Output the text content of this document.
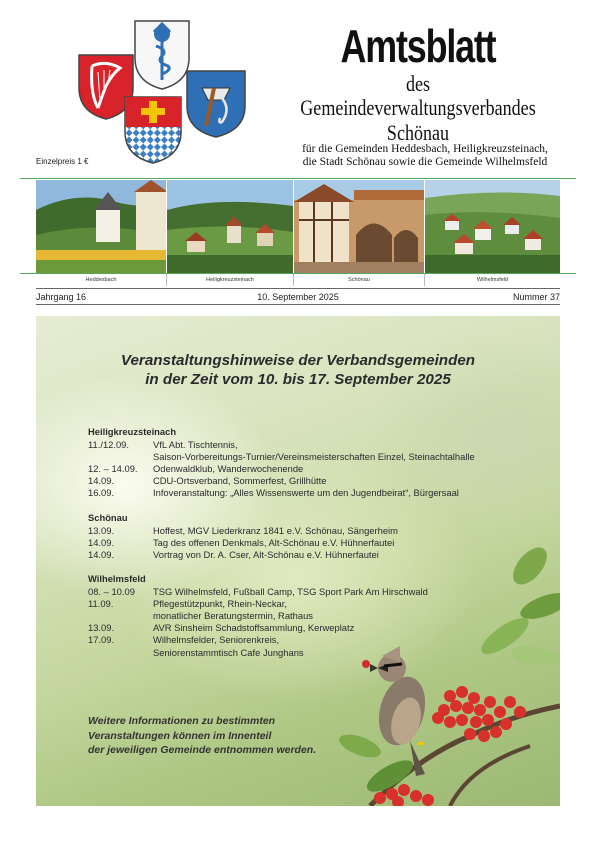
Amtsblatt
des Gemeindeverwaltungsverbandes
Schönau
für die Gemeinden Heddesbach, Heiligkreuzsteinach,
die Stadt Schönau sowie die Gemeinde Wilhelmsfeld
Einzelpreis 1 €
Heddesbach	Heiligkreuzsteinach	Schönau	Wilhelmsfeld
Jahrgang 16	10. September 2025	Nummer 37
Veranstaltungshinweise der Verbandsgemeinden
in der Zeit vom 10. bis 17. September 2025
Heiligkreuzsteinach
11./12.09.	VfL Abt. Tischtennis,
Saison-Vorbereitungs-Turnier/Vereinsmeisterschaften Einzel, Steinachtalhalle
12. – 14.09.	Odenwaldklub, Wanderwochenende
14.09.	CDU-Ortsverband, Sommerfest, Grillhütte
16.09.	Infoveranstaltung: „Alles Wissenswerte um den Jugendbeirat“, Bürgersaal
Schönau
13.09.	Hoffest, MGV Liederkranz 1841 e.V. Schönau, Sängerheim
14.09.	Tag des offenen Denkmals, Alt-Schönau e.V. Hühnerfautei
14.09.	Vortrag von Dr. A. Cser, Alt-Schönau e.V. Hühnerfautei
Wilhelmsfeld
08. – 10.09	TSG Wilhelmsfeld, Fußball Camp, TSG Sport Park Am Hirschwald
11.09.	Pflegestützpunkt, Rhein-Neckar,
monatlicher Beratungstermin, Rathaus
13.09.	AVR Sinsheim Schadstoffsammlung, Kerweplatz
17.09.	Wilhelmsfelder, Seniorenkreis,
Seniorenstammtisch Cafe Junghans
Weitere Informationen zu bestimmten
Veranstaltungen können im Innenteil
der jeweiligen Gemeinde entnommen werden.
